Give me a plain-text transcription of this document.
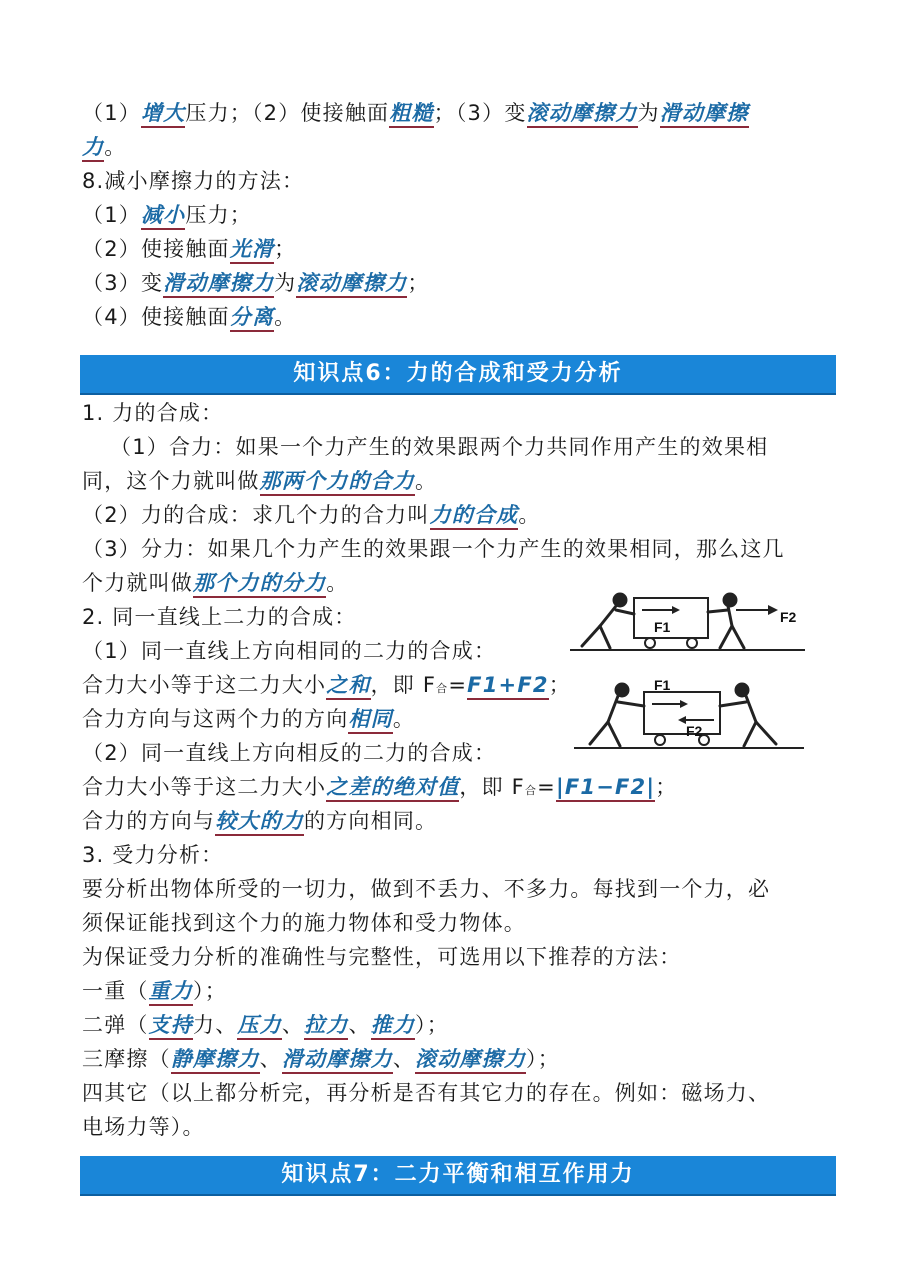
（1）增大压力；（2）使接触面粗糙；（3）变滚动摩擦力为滑动摩擦
力。
8.减小摩擦力的方法：
（1）减小压力；
（2）使接触面光滑；
（3）变滑动摩擦力为滚动摩擦力；
（4）使接触面分离。
知识点6：力的合成和受力分析
1. 力的合成：
（1）合力：如果一个力产生的效果跟两个力共同作用产生的效果相
同，这个力就叫做那两个力的合力。
（2）力的合成：求几个力的合力叫力的合成。
（3）分力：如果几个力产生的效果跟一个力产生的效果相同，那么这几
个力就叫做那个力的分力。
2. 同一直线上二力的合成：
（1）同一直线上方向相同的二力的合成：
合力大小等于这二力大小之和，即 F合=F1+F2；
合力方向与这两个力的方向相同。
（2）同一直线上方向相反的二力的合成：
合力大小等于这二力大小之差的绝对值，即 F合=|F1−F2|；
合力的方向与较大的力的方向相同。
3. 受力分析：
要分析出物体所受的一切力，做到不丢力、不多力。每找到一个力，必
须保证能找到这个力的施力物体和受力物体。
为保证受力分析的准确性与完整性，可选用以下推荐的方法：
一重（重力）；
二弹（支持力、压力、拉力、推力）；
三摩擦（静摩擦力、滑动摩擦力、滚动摩擦力）；
四其它（以上都分析完，再分析是否有其它力的存在。例如：磁场力、
电场力等）。
F1
F2
F1
F2
知识点7：二力平衡和相互作用力
